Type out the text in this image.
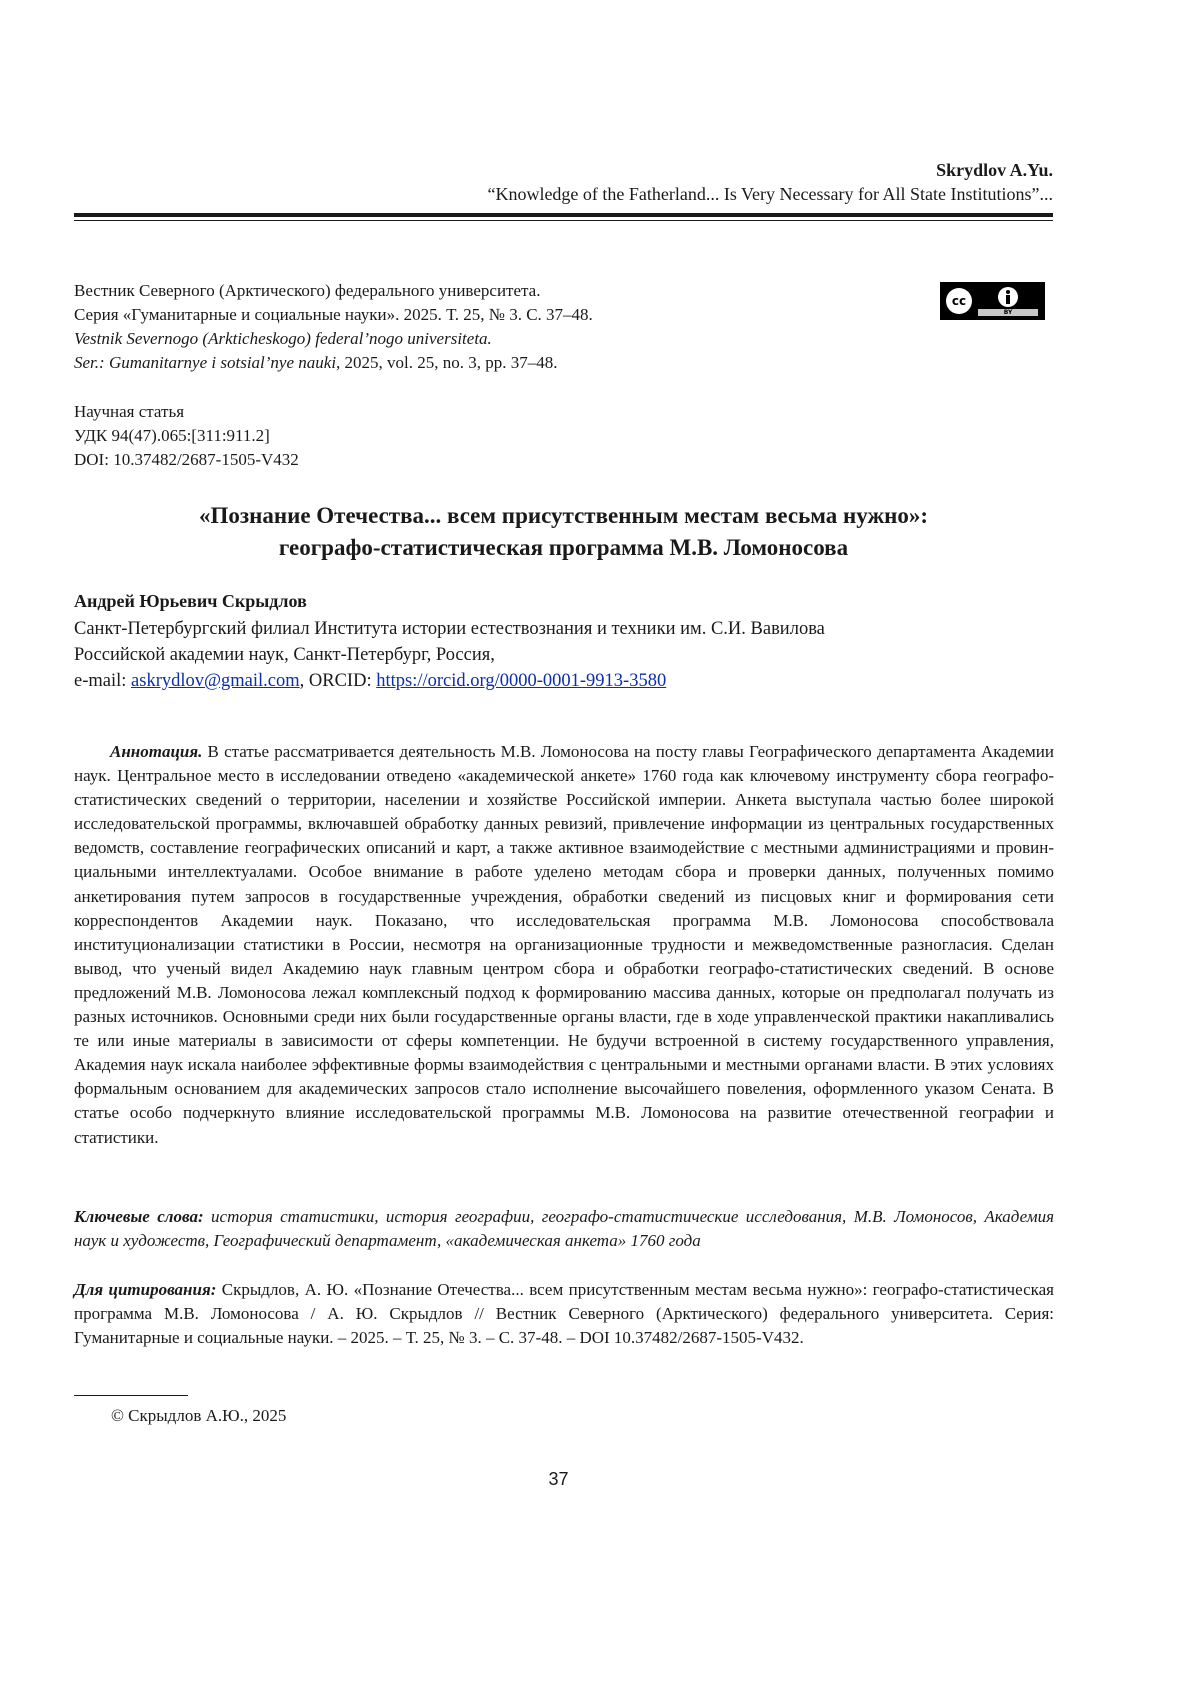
Skrydlov A.Yu.
“Knowledge of the Fatherland... Is Very Necessary for All State Institutions”...
Вестник Северного (Арктического) федерального университета.
Серия «Гуманитарные и социальные науки». 2025. Т. 25, № 3. С. 37–48.
Vestnik Severnogo (Arkticheskogo) federal’nogo universiteta.
Ser.: Gumanitarnye i sotsial’nye nauki, 2025, vol. 25, no. 3, pp. 37–48.
cc
BY
Научная статья
УДК 94(47).065:[311:911.2]
DOI: 10.37482/2687-1505-V432
«Познание Отечества... всем присутственным местам весьма нужно»:
географо-статистическая программа М.В. Ломоносова
Андрей Юрьевич Скрыдлов
Санкт-Петербургский филиал Института истории естествознания и техники им. С.И. Вавилова
Российской академии наук, Санкт-Петербург, Россия,
e-mail: askrydlov@gmail.com, ORCID: https://orcid.org/0000-0001-9913-3580

Аннотация. В статье рассматривается деятельность М.В. Ломоносова на посту главы Географического департамента Академии наук. Центральное место в исследовании отведено «академической анкете» 1760 года как ключевому инструменту сбора географо-статистических сведений о территории, населении и хозяйстве Российской империи. Анкета выступала частью более широкой исследовательской программы, включавшей обработку данных ревизий, привлечение информации из центральных государственных ведомств, составление географических описаний и карт, а также активное взаимодействие с местными администрациями и провинциальными интеллектуалами. Особое внимание в работе уделено методам сбора и проверки данных, полученных помимо анкетирования путем запросов в государственные учреждения, обработки сведений из писцовых книг и формирования сети корреспондентов Академии наук. Показано, что исследовательская программа М.В. Ломоносова способствовала институционализации статистики в России, несмотря на организационные трудности и межведомственные разногласия. Сделан вывод, что ученый видел Академию наук главным центром сбора и обработки географо-статистических сведений. В основе предложений М.В. Ломоносова лежал комплексный подход к формированию массива данных, которые он предполагал получать из разных источников. Основными среди них были государственные органы власти, где в ходе управленческой практики накапливались те или иные материалы в зависимости от сферы компетенции. Не будучи встроенной в систему государственного управления, Академия наук искала наиболее эффективные формы взаимодействия с центральными и местными органами власти. В этих условиях формальным основанием для академических запросов стало исполнение высочайшего повеления, оформленного указом Сената. В статье особо подчеркнуто влияние исследовательской программы М.В. Ломоносова на развитие отечественной географии и статистики.

Ключевые слова: история статистики, история географии, географо-статистические исследования, М.В. Ломоносов, Академия наук и художеств, Географический департамент, «академическая анкета» 1760 года
Для цитирования: Скрыдлов, А. Ю. «Познание Отечества... всем присутственным местам весьма нужно»: географо-статистическая программа М.В. Ломоносова / А. Ю. Скрыдлов // Вестник Северного (Арктического) федерального университета. Серия: Гуманитарные и социальные науки. – 2025. – Т. 25, № 3. – С. 37-48. – DOI 10.37482/2687-1505-V432.
© Скрыдлов А.Ю., 2025
37
